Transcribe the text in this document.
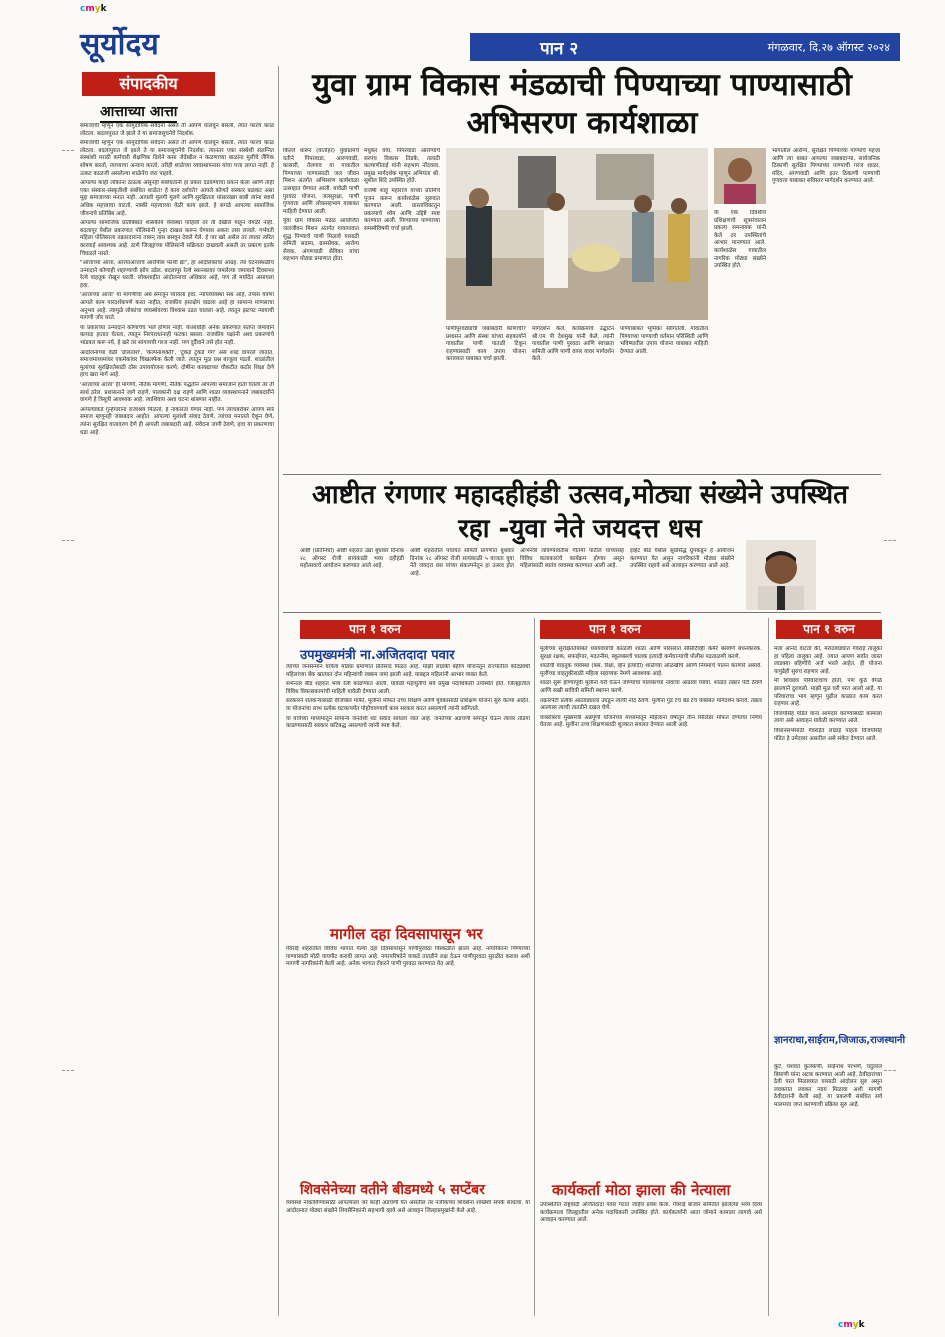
cmyk
cmyk
सूर्योदय	पान २	मंगळवार, दि.२७ ऑगस्ट २०२४
संपादकीय
आत्ताच्या आत्ता

समाजाची म्हणून एक सामुदायिक संवेदना असते ती आपण घालवून बसलो, त्यात फारच काळ लोटला. बदलापुरात जे झाले ते या समाजसूचनेचे निदर्शक.

समाजाची म्हणून एक सामुदायिक संवेदना असते ती आपण घालवून बसलो, त्यात फारच काळ लोटला. बदलापुरात जे झाले ते या समाजसूचनेचे निदर्शक. त्यानंतर एका संस्थेशी संलग्नित संस्थांशी मराठी कर्मचारी शैक्षणिक दिशेने कसा जेदेखील न कळणाच्या बाळांना मुलींचे लैंगिक शोषण करतो, त्याच्याचा अन्याय करतो, तरीही शाळेच्या व्यवस्थापनास यांचा पत्ता लागत नाही. हे उत्कट काळजी असलेल्या शाळेनेच जरा पाहावे.

आपल्या काही लोकांना ठाऊक असूनही संबंधितांनी हा प्रकार दडवण्याचा प्रयत्न केला आणि तोही एका संस्कार-संस्कृतीशी संबंधित शाळेत! हे काय दर्शवते? आपले कोणते संस्कार बळकट असा मुद्दा समाजाच्या मनात नाही. आपली मुलगी मुलगे आणि सुरक्षितता यांसारख्या बाबी त्यांना स्वार्थ अधिक महत्त्वाचा वाटतो. नक्की महत्त्वाच्या वेळी काय झाले. हे सगळे आपल्या सामाजिक जीवनाचे प्रतिबिंब आहे.

आपल्या सामाजिक प्रतिबिंबात शासकीय व्यवस्था पाहिली तर ती देखील याहून वेगळी नाही. बदलापूर येथील प्रकरणात पोलिसांनी गुन्हा दाखल करून घेण्यास अकरा तास लावले. गर्भवती महिला पोलिसाला तक्रारदारांना तासन् तास बसवून ठेवले गेले. हे जर खरे असेल तर त्यावर त्वरित कारवाई आवश्यक आहे. ठाणे जिल्ह्याच्या पोलिसांनी सक्रियता दाखवली असती तर प्रकरण इतके चिघळले नसते.

"आत्ताच्या आत्ता, आत्त्याआत्ताचे आरोपीस फाशी द्या", हा आंदोलकांचा आग्रह. त्या घटनास्थळीच उन्मादाने कोणाही शहाण्याची झोप उडेल. बदलापूर रेल्वे स्थानकावर जमलेल्या जमावाने दिवसभर रेल्वे वाहतूक रोखून धरली. लोकशाहीत आंदोलनाचा अधिकार आहे, पण तो मर्यादेत असायला हवा.

'आत्ताच्या आत्ता' या मागणीचा अर्थ समजून घ्यायला हवा. न्यायव्यवस्था संथ आहे, तपास यंत्रणा आपले काम पारदर्शकपणे करत नाहीत, राजकीय हस्तक्षेप वाढला आहे हा सामान्य माणसाचा अनुभव आहे. त्यामुळे लोकांचा व्यवस्थेवरचा विश्वास उडत चालला आहे. त्यातून झटपट न्यायाची मागणी जोर धरते.

या प्रकारच्या उन्मादाने कोणाचेच भले होणार नाही. याआधीही अनेक प्रकरणांत संतप्त जमावाने कायदा हातात घेतला, त्यातून निरपराधांनाही फटका बसला. राजकीय पक्षांनी अशा प्रकरणांचे भांडवल करू नये, हे खरे तर सांगायची गरज नाही. पण दुर्दैवाने तसे होत नाही.

आंदोलनांच्या वेळी 'ढोलताशे', 'कल्पनाशक्ती', 'टुकडे टुकडे गँग' असे शब्द वापरले जातात. समाजमाध्यमांवर एकमेकांवर चिखलफेक केली जाते. त्यातून मूळ प्रश्न बाजूला पडतो. शाळांतील मुलांच्या सुरक्षिततेसाठी ठोस उपाययोजना करणे, दोषींना कायद्याच्या चौकटीत कठोर शिक्षा देणे हाच खरा मार्ग आहे.

'आत्ताच्या आत्ता' ही मागणी, नैतिक मागणी, नैतिक पद्धतीने आपल्या समाजाने हाती घेतली तर ती सार्थ ठरेल. प्रशासनाने जागे राहणे, पालकांनी दक्ष राहणे आणि शाळा व्यवस्थापनाने जबाबदारीने वागणे हे त्रिसूत्री आवश्यक आहे. त्याशिवाय अशा घटना थांबणार नाहीत.

आपल्याकडे गुन्हेगारांना राजाश्रय मिळतो, हे नाकारता येणार नाही. पण त्याचबरोबर आपण सारे समाज म्हणूनही जबाबदार आहोत. आपल्या मुलांशी संवाद ठेवणे, त्यांच्या मनातले ऐकून घेणे, त्यांना सुरक्षित वातावरण देणे ही आपली जबाबदारी आहे. संवेदना जागी ठेवणे, हाच या प्रकरणाचा धडा आहे.

युवा ग्राम विकास मंडळाची पिण्याच्या पाण्यासाठी अभिसरण कार्यशाळा

किल्ले धारूर (वार्ताहर) युवाग्रामचे वतीने पिंपरवाडा, आरणवाडी, कासारी, तेलगाव या गावातील पिण्याच्या पाण्यासाठी जल जीवन मिशन अंतर्गत अभिसरण कार्यशाळा उत्साहात घेण्यात आली. यावेळी पाणी पुरवठा योजना, जलसुरक्षा, पाणी गुणवत्ता आणि लोकसहभाग याबाबत माहिती देण्यात आली.

युवा ग्राम विकास मंडळ आयोजित जलजीवन मिशन अंतर्गत गावागावात शुद्ध पिण्याचे पाणी मिळावे यासाठी समिती सदस्य, ग्रामसेवक, आरोग्य सेवक, अंगणवाडी सेविका यांचा सहभाग मोठ्या प्रमाणात होता.

मधुकर वाघ, पिंपरवाडा आरोग्याचे सरपंच विकास तिडके, तलाठी कल्याणीताई यांनी सहभाग नोंदवला. प्रमुख मार्गदर्शक म्हणून अभियंता श्री. सुशील शिंदे उपस्थित होते.

राजर्षी शाहू महाराज यांच्या प्रतिमेचे पूजन करून कार्यशाळेस सुरुवात करण्यात आली. प्रास्ताविकातून प्रकल्पाचे ध्येय आणि उद्दिष्टे स्पष्ट करण्यात आली. पिण्याच्या पाण्याच्या समस्येविषयी चर्चा झाली.

पाणीपुरवठ्याची जबाबदारी कोणाची? प्रशासन आणि संस्था यांच्या सहकार्याने गावातील पाणी पातळी टिकून राहण्यासाठी काय उपाय योजना कराव्यात याबाबत चर्चा झाली.

मार्गदर्शन केले. कार्यक्रमाचे उद्घाटन श्री.एम पी देशमुख यांनी केले. त्यांनी गावातील पाणी पुरवठा आणि स्वच्छता समिती आणि पाणी वापर यावर मार्गदर्शन केले.

पाण्याबाबत भूमिका सांगितली. गावातील पिण्याच्या पाण्याची वर्तमान परिस्थिती आणि भविष्यातील उपाय योजना याबाबत माहिती देण्यात आली.

या एक दिवशीय प्रशिक्षणाचे सूत्रसंचालन प्रकल्प समन्वयक यांनी केले तर उपस्थितांचे आभार मानण्यात आले. कार्यशाळेस गावातील नागरिक मोठ्या संख्येने उपस्थित होते.

भागातील आरोग्य, सुरक्षित पिण्याच्या पाण्याचे महत्त्व आणि त्या बाबत आपल्या जबाबदाऱ्या, सार्वजनिक ठिकाणी सुरक्षित पिण्याच्या पाण्याची गरज शाळा, मंदिर, अंगणवाडी आणि इतर ठिकाणी पाण्याची गुणवत्ता याबाबत सविस्तर मार्गदर्शन करण्यात आले.

आष्टीत रंगणार महादहीहंडी उत्सव,मोठ्या संख्येने उपस्थित रहा -युवा नेते जयदत्त धस

आष्टी (प्रतिनिधी) आष्टी शहरात उद्या बुधवार दिनांक २८ ऑगस्ट रोजी सायंकाळी भव्य दहीहंडी महोत्सवाचे आयोजन करण्यात आले आहे.

आष्टी शहरातील पंचायत समिती प्रांगणात बुधवार दिनांक २८ ऑगस्ट रोजी सायंकाळी ५ वाजता युवा नेते जयदत्त धस यांच्या संकल्पनेतून हा उत्सव होत आहे.

अभिनेत्री लावण्यावतीस गौतमी पाटील यांच्यासह विविध कलाकारांचे कार्यक्रम होणार असून महिलांसाठी स्वतंत्र व्यवस्था करण्यात आली आहे.

इव्हेंट बीड येथील सुप्रसिद्ध ग्रुपकडून हे आयोजन करण्यात येत असून नागरिकांनी मोठ्या संख्येने उपस्थित राहावे असे आवाहन करण्यात आले आहे.

पान १ वरुन	पान १ वरुन	पान १ वरुन
उपमुख्यमंत्री ना.अजितदादा पवार

त्यांच्या जनसन्मान यात्रेला मोठ्या प्रमाणात प्रतिसाद मिळत आहे. माझी लाडकी बहीण योजनेतून राज्यातील कोट्यवधी महिलांच्या बँक खात्यात दोन महिन्यांची रक्कम जमा झाली आहे. याबद्दल महिलांनी आभार व्यक्त केले.

सभेनंतर बीड शहरात भव्य रॅली काढण्यात आली. यावेळी महायुतीचे सर्व प्रमुख पदाधिकारी उपस्थित होते. जिल्ह्यातील विविध विकासकामांची माहिती यावेळी देण्यात आली.

सरकारने शेतकऱ्यांसाठी वीजबिल माफी, मुलींना मोफत उच्च शिक्षण आणि युवकांसाठी प्रशिक्षण योजना सुरु केल्या आहेत. या योजनांचा लाभ प्रत्येक घटकापर्यंत पोहोचवण्याचे काम सरकार करत असल्याचे त्यांनी सांगितले.

या यात्रेच्या माध्यमातून सामान्य जनतेशी थेट संवाद साधला जात आहे. जनतेच्या अडचणी समजून घेऊन त्यावर तोडगा काढण्यासाठी सरकार कटिबद्ध असल्याचे त्यांनी स्पष्ट केले.

मागील दहा दिवसापासून भर

गेवराई शहरातील विविध भागात गेल्या दहा दिवसांपासून पाणीपुरवठा विस्कळीत झाला आहे. नागरिकांना पिण्याच्या पाण्यासाठी मोठी पायपीट करावी लागत आहे. नगरपरिषदेने याकडे तातडीने लक्ष देऊन पाणीपुरवठा सुरळीत करावा अशी मागणी नागरिकांनी केली आहे. अनेक भागात टँकरने पाणी पुरवठा करण्यात येत आहे.

शिवसेनेच्या वतीने बीडमध्ये ५ सप्टेंबर

व्यवस्था नाकाविण्यासाठी आपल्याला जर काही अडचणी येत असतील तर नजीकच्या शिवसेना शाखेशी संपर्क साधावा. या आंदोलनात मोठ्या संख्येने शिवसैनिकांनी सहभागी व्हावे असे आवाहन जिल्हाप्रमुखांनी केले आहे.

मुलींच्या सुरक्षिततेबाबत ध्यायवयाची काळजी शाळा आणि परिसरात सीसीटीव्ही कॅमेरे बसवणे बंधनकारक. सुरक्षा रक्षक, सफाईगार, मदतनीस, स्कूलबसचे चालक इत्यादी कर्मचाऱ्यांची पोलीस पडताळणी करणे.

शाळेची वाहतूक व्यवस्था (बस, रिक्षा, व्हॅन इत्यादी) शाळेच्या ओळखीचे आणि नियमांचे पालन करणारे असावे. मुलींच्या वाहतुकीसाठी महिला सहाय्यक नेमणे आवश्यक आहे.

शाळा सुरू होण्यापूर्वी मुलींना घरी घेऊन जाण्याचा पालकांच्या नावांचा आढावा घ्यावा. शाळेत तक्रार पेटी ठेवणे आणि सखी सावित्री समिती स्थापन करणे.

तक्रारपेटी प्रत्येक आठवड्याला उघडून त्याची नोंद ठेवणे. मुलींना गुड टच बॅड टच याबाबत मार्गदर्शन करावे. तक्रार आल्यास त्याची तातडीने दखल घेणे.

याबरोबरच मुख्यमंत्री अन्नपूर्णा योजनेच्या माध्यमातून महिलांना वर्षातून तीन सिलिंडर मोफत देण्याचा निर्णय घेतला आहे. मुलींना उच्च शिक्षणासाठी शुल्कात सवलत देण्यात आली आहे.

कार्यकर्ता मोठा झाला की नेत्याला

उपस्थितीत राष्ट्रवादी अजितदादा पवार गटात जाहीर प्रवेश केला. गेवराई बाजार समितीत झालेल्या भव्य दिव्य कार्यक्रमाला जिल्ह्यातील अनेक पदाधिकारी उपस्थित होते. कार्यकर्त्यांनी आता जोमाने कामाला लागावे असे आवाहन करण्यात आले.

मला आनंद वाटतो की, मराठवाड्यात गेवराई तालुका हा पहिला तालुका आहे. ज्यात आपण सर्वांत जास्त लाडक्या बहिणींचे अर्ज भरले आहेत. ही योजना यापुढेही सुरुच राहणार आहे.

मी शिवछत्र परिवाराचाच होतो, पण कुठे वेगळे झाल्याने दुरावलो. माझी मूळ घरी परत आलो आहे. या परिवाराचा भाग म्हणून पुढील काळात काम करत राहणार आहे.

विजयसिंह पंडित यांना आमदार करण्यासाठी कामाला लागा असे आवाहन यावेळी करण्यात आले.

विधानसभेसाठी गेवराईत लाडाई पाहता विजयसिंह पंडित हे उमेदवार असतील असे संकेत देण्यात आले.

ज्ञानराधा,साईराम,जिजाऊ,राजस्थानी

कुटे, यशवंत कुलकर्णी, साईनाथ परभणे, चंदुलाल बियाणी यांना अटक करण्यात आली आहे. ठेवीदारांच्या ठेवी परत मिळाव्यात यासाठी आंदोलन सुरु असून लवकरात लवकर न्याय मिळावा अशी मागणी ठेवीदारांनी केली आहे. या प्रकरणी संबंधित सर्व मालमत्ता जप्त करण्याची प्रक्रिया सुरु आहे.
